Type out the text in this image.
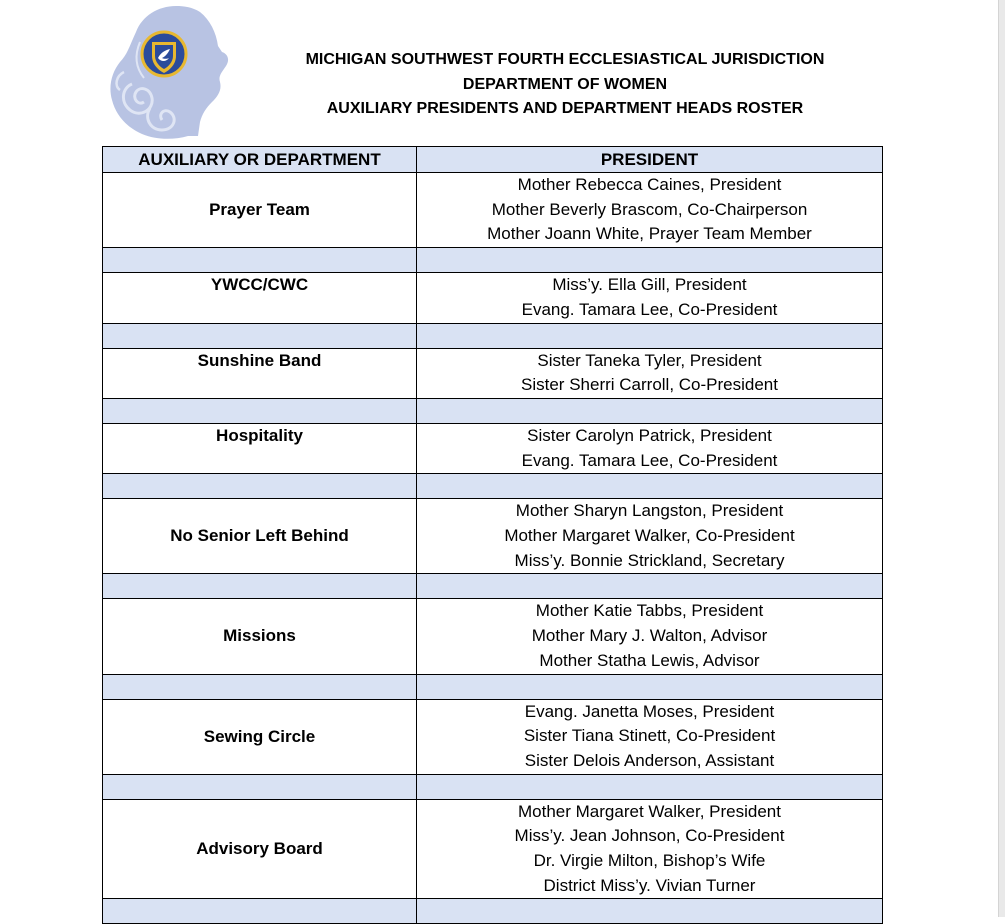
MICHIGAN SOUTHWEST FOURTH ECCLESIASTICAL JURISDICTION
DEPARTMENT OF WOMEN
AUXILIARY PRESIDENTS AND DEPARTMENT HEADS ROSTER
AUXILIARY OR DEPARTMENT	PRESIDENT
Prayer Team	Mother Rebecca Caines, President
Mother Beverly Brascom, Co-Chairperson
Mother Joann White, Prayer Team Member

YWCC/CWC	Miss’y. Ella Gill, President
Evang. Tamara Lee, Co-President

Sunshine Band	Sister Taneka Tyler, President
Sister Sherri Carroll, Co-President

Hospitality	Sister Carolyn Patrick, President
Evang. Tamara Lee, Co-President

No Senior Left Behind	Mother Sharyn Langston, President
Mother Margaret Walker, Co-President
Miss’y. Bonnie Strickland, Secretary

Missions	Mother Katie Tabbs, President
Mother Mary J. Walton, Advisor
Mother Statha Lewis, Advisor

Sewing Circle	Evang. Janetta Moses, President
Sister Tiana Stinett, Co-President
Sister Delois Anderson, Assistant

Advisory Board	Mother Margaret Walker, President
Miss’y. Jean Johnson, Co-President
Dr. Virgie Milton, Bishop’s Wife
District Miss’y. Vivian Turner
